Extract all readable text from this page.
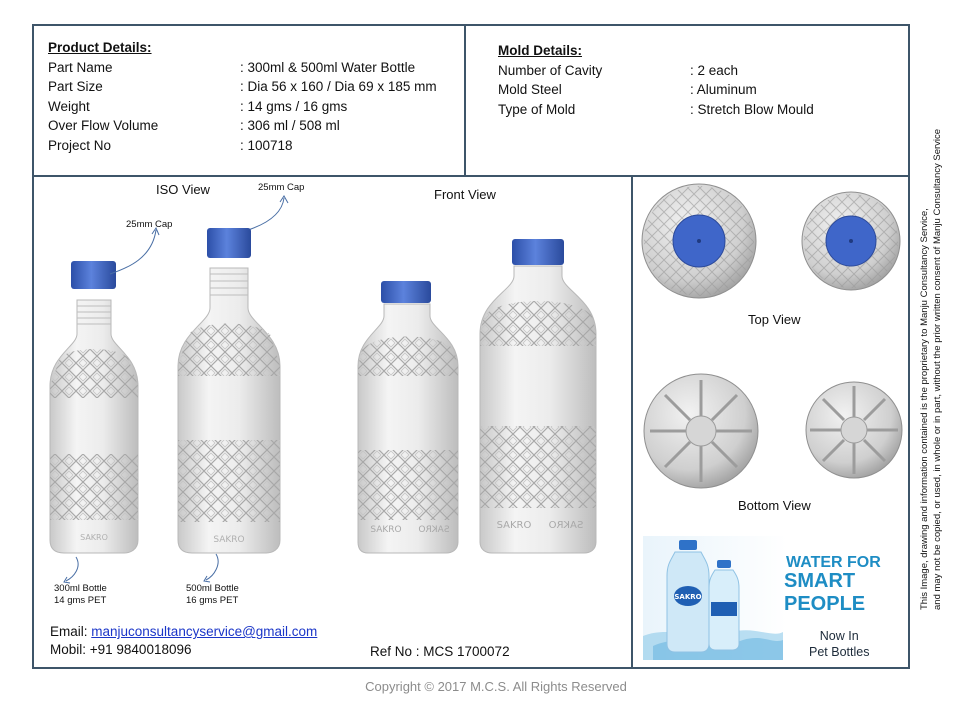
Product Details:
Part Name	: 300ml & 500ml Water Bottle
Part Size	: Dia 56 x 160 / Dia 69 x 185 mm
Weight	: 14 gms / 16 gms
Over Flow Volume	: 306 ml / 508 ml
Project No	: 100718
Mold Details:
Number of Cavity	: 2 each
Mold Steel	: Aluminum
Type of Mold	: Stretch Blow Mould
ISO View	Front View
Top View
Bottom View
25mm Cap
25mm Cap
300ml Bottle
14 gms PET
500ml Bottle
16 gms PET
SAKRO	SAKRO
SAKRO SAKRO	SAKRO SAKRO
SAKRO
WATER FOR
SMART
PEOPLE
Now In
Pet Bottles
Email: manjuconsultancyservice@gmail.com
Mobil: +91 9840018096	Ref No : MCS 1700072
This Image, drawing and information contained is the proprietary to Manju Consultancy Service, and may not be copied, or used, in whole or in part, without the prior written consent of Manju Consultancy Service
Copyright © 2017 M.C.S. All Rights Reserved
